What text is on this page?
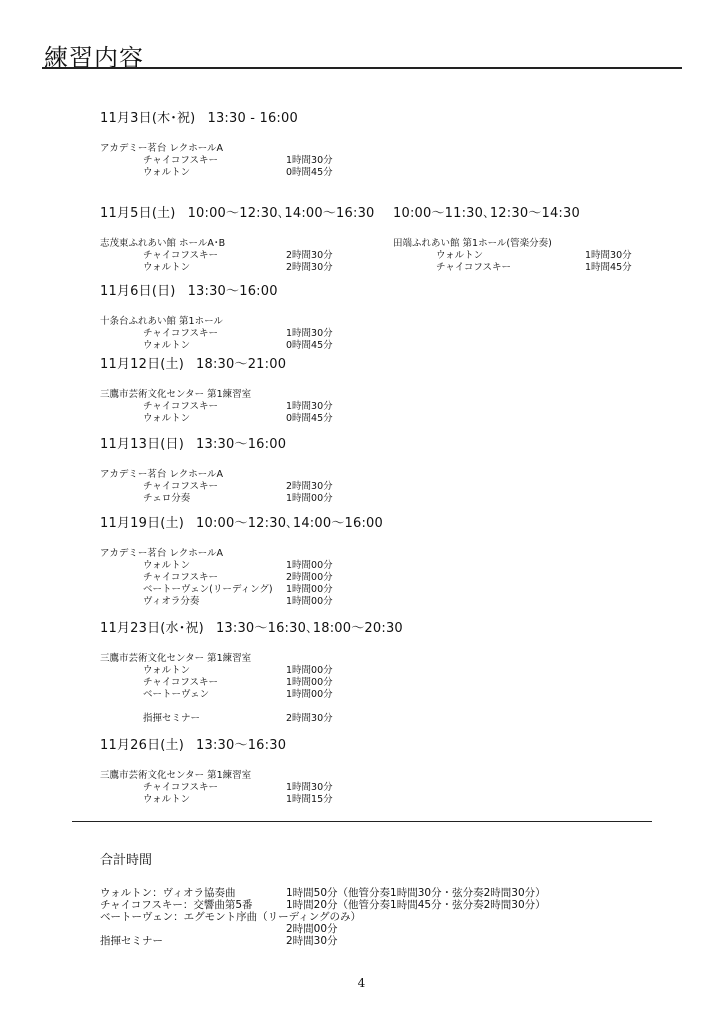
練習内容
11月3日(木･祝) 13:30 - 16:00
アカデミー茗台 レクホールA
チャイコフスキー	1時間30分
ウォルトン	0時間45分
11月5日(土) 10:00～12:30､14:00～16:30
志茂東ふれあい館 ホールA･B
チャイコフスキー	2時間30分
ウォルトン	2時間30分
10:00～11:30､12:30～14:30
田端ふれあい館 第1ホール(管楽分奏)
ウォルトン	1時間30分
チャイコフスキー	1時間45分
11月6日(日) 13:30～16:00
十条台ふれあい館 第1ホール
チャイコフスキー	1時間30分
ウォルトン	0時間45分
11月12日(土) 18:30～21:00
三鷹市芸術文化センター 第1練習室
チャイコフスキー	1時間30分
ウォルトン	0時間45分
11月13日(日) 13:30～16:00
アカデミー茗台 レクホールA
チャイコフスキー	2時間30分
チェロ分奏	1時間00分
11月19日(土) 10:00～12:30､14:00～16:00
アカデミー茗台 レクホールA
ウォルトン	1時間00分
チャイコフスキー	2時間00分
ベートーヴェン(リーディング) 1時間00分
ヴィオラ分奏	1時間00分
11月23日(水･祝) 13:30～16:30､18:00～20:30
三鷹市芸術文化センター 第1練習室
ウォルトン	1時間00分
チャイコフスキー	1時間00分
ベートーヴェン	1時間00分
指揮セミナー	2時間30分
11月26日(土) 13:30～16:30
三鷹市芸術文化センター 第1練習室
チャイコフスキー	1時間30分
ウォルトン	1時間15分
合計時間
ウォルトン：ヴィオラ協奏曲	1時間50分（他管分奏1時間30分・弦分奏2時間30分）
チャイコフスキー：交響曲第5番	1時間20分（他管分奏1時間45分・弦分奏2時間30分）
ベートーヴェン：エグモント序曲（リーディングのみ）
2時間00分
指揮セミナー	2時間30分
4
